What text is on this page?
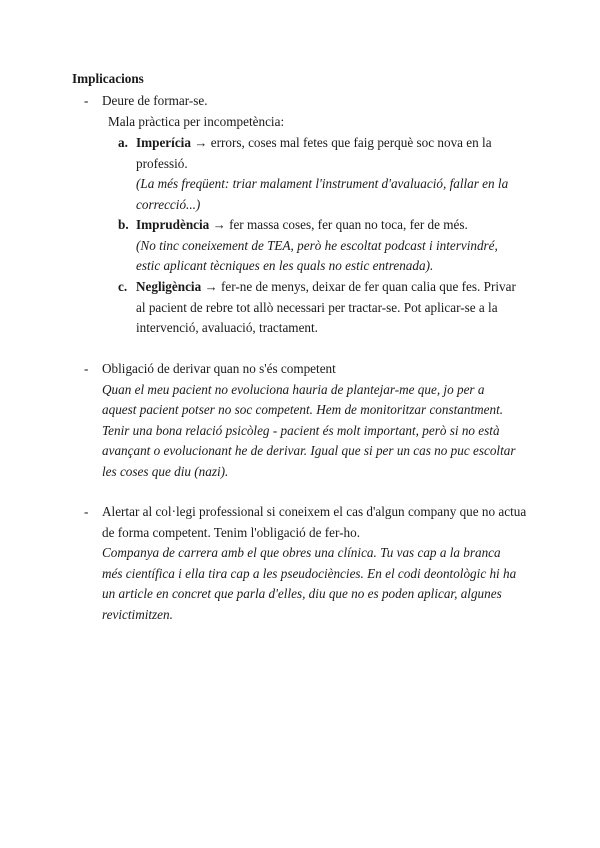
Implicacions
- Deure de formar-se.
Mala pràctica per incompetència:
a. Imperícia → errors, coses mal fetes que faig perquè soc nova en la
professió.
(La més freqüent: triar malament l'instrument d'avaluació, fallar en la
correcció...)
b. Imprudència → fer massa coses, fer quan no toca, fer de més.
(No tinc coneixement de TEA, però he escoltat podcast i intervindré,
estic aplicant tècniques en les quals no estic entrenada).
c. Negligència → fer-ne de menys, deixar de fer quan calia que fes. Privar
al pacient de rebre tot allò necessari per tractar-se. Pot aplicar-se a la
intervenció, avaluació, tractament.
- Obligació de derivar quan no s'és competent
Quan el meu pacient no evoluciona hauria de plantejar-me que, jo per a
aquest pacient potser no soc competent. Hem de monitoritzar constantment.
Tenir una bona relació psicòleg - pacient és molt important, però si no està
avançant o evolucionant he de derivar. Igual que si per un cas no puc escoltar
les coses que diu (nazi).
- Alertar al col·legi professional si coneixem el cas d'algun company que no actua
de forma competent. Tenim l'obligació de fer-ho.
Companya de carrera amb el que obres una clínica. Tu vas cap a la branca
més científica i ella tira cap a les pseudociències. En el codi deontològic hi ha
un article en concret que parla d'elles, diu que no es poden aplicar, algunes
revictimitzen.
